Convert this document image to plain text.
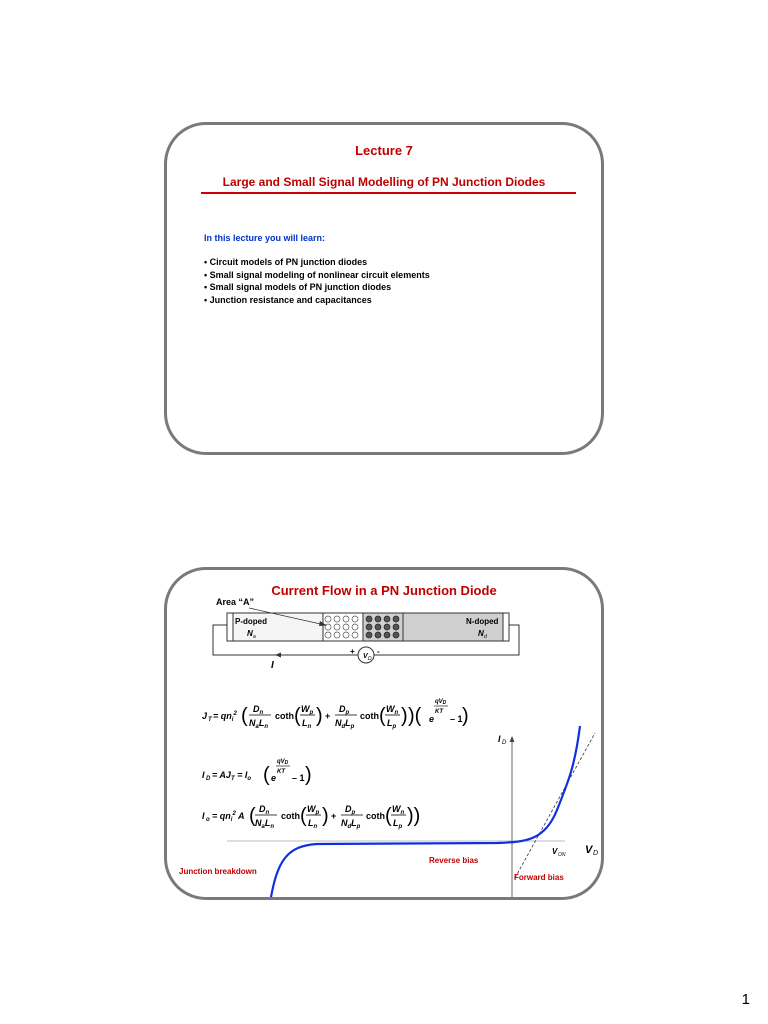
Lecture 7
Large and Small Signal Modelling of PN Junction Diodes
In this lecture you will learn:
• Circuit models of PN junction diodes
• Small signal modeling of nonlinear circuit elements
• Small signal models of PN junction diodes
• Junction resistance and capacitances
Current Flow in a PN Junction Diode
V D
+	-
I
Area “A”
P-doped
N a
N-doped
N d
J $T = qn_i^2$ ( $D_n$
$N_aL_n$
coth ( $W_p$
$L_n$ ) +
$D_p$
$N_dL_p$
coth ( $W_n$
$L_p$ ) )( e
qVD
KT
– 1 )
I $D = AJ_T = I_o$ ( e
qVD
KT
– 1 )
I $o = qn_i^2$ A ( $D_n$
$N_aL_n$
coth ( $W_p$
$L_n$ ) +
$D_p$
$N_dL_p$
coth ( $W_n$
$L_p$ ))
I D
V D
V ON
Junction breakdown
Reverse bias
Forward bias
1
